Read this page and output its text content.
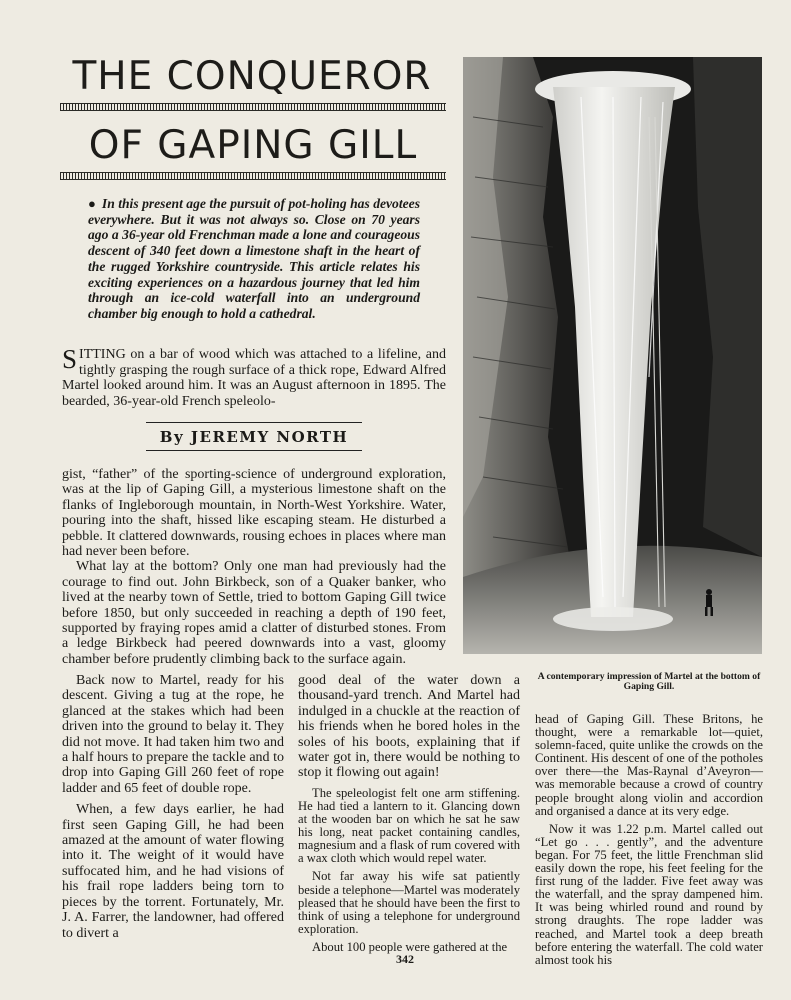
THE CONQUEROR
OF GAPING GILL
● In this present age the pursuit of pot-holing has devotees everywhere. But it was not always so. Close on 70 years ago a 36-year old Frenchman made a lone and courageous descent of 340 feet down a limestone shaft in the heart of the rugged Yorkshire countryside. This article relates his exciting experiences on a hazardous journey that led him through an ice-cold waterfall into an underground chamber big enough to hold a cathedral.
SITTING on a bar of wood which was attached to a lifeline, and tightly grasping the rough surface of a thick rope, Edward Alfred Martel looked around him. It was an August afternoon in 1895. The bearded, 36-year-old French speleolo-
By JEREMY NORTH

gist, “father” of the sporting-science of underground exploration, was at the lip of Gaping Gill, a mysterious limestone shaft on the flanks of Ingleborough mountain, in North-West Yorkshire. Water, pouring into the shaft, hissed like escaping steam. He disturbed a pebble. It clattered downwards, rousing echoes in places where man had never been before.

What lay at the bottom? Only one man had previously had the courage to find out. John Birkbeck, son of a Quaker banker, who lived at the nearby town of Settle, tried to bottom Gaping Gill twice before 1850, but only succeeded in reaching a depth of 190 feet, supported by fraying ropes amid a clatter of disturbed stones. From a ledge Birkbeck had peered downwards into a vast, gloomy chamber before prudently climbing back to the surface again.

Back now to Martel, ready for his descent. Giving a tug at the rope, he glanced at the stakes which had been driven into the ground to belay it. They did not move. It had taken him two and a half hours to prepare the tackle and to drop into Gaping Gill 260 feet of rope ladder and 65 feet of double rope.

When, a few days earlier, he had first seen Gaping Gill, he had been amazed at the amount of water flowing into it. The weight of it would have suffocated him, and he had visions of his frail rope ladders being torn to pieces by the torrent. Fortunately, Mr. J. A. Farrer, the landowner, had offered to divert a

good deal of the water down a thousand-yard trench. And Martel had indulged in a chuckle at the reaction of his friends when he bored holes in the soles of his boots, explaining that if water got in, there would be nothing to stop it flowing out again!

The speleologist felt one arm stiffening. He had tied a lantern to it. Glancing down at the wooden bar on which he sat he saw his long, neat packet containing candles, magnesium and a flask of rum covered with a wax cloth which would repel water.

Not far away his wife sat patiently beside a telephone—Martel was moderately pleased that he should have been the first to think of using a telephone for underground exploration.

About 100 people were gathered at the

A contemporary impression of Martel at the bottom of Gaping Gill.

head of Gaping Gill. These Britons, he thought, were a remarkable lot—quiet, solemn-faced, quite unlike the crowds on the Continent. His descent of one of the potholes over there—the Mas-Raynal d’Aveyron—was memorable because a crowd of country people brought along violin and accordion and organised a dance at its very edge.

Now it was 1.22 p.m. Martel called out “Let go . . . gently”, and the adventure began. For 75 feet, the little Frenchman slid easily down the rope, his feet feeling for the first rung of the ladder. Five feet away was the waterfall, and the spray dampened him. It was being whirled round and round by strong draughts. The rope ladder was reached, and Martel took a deep breath before entering the waterfall. The cold water almost took his

342
